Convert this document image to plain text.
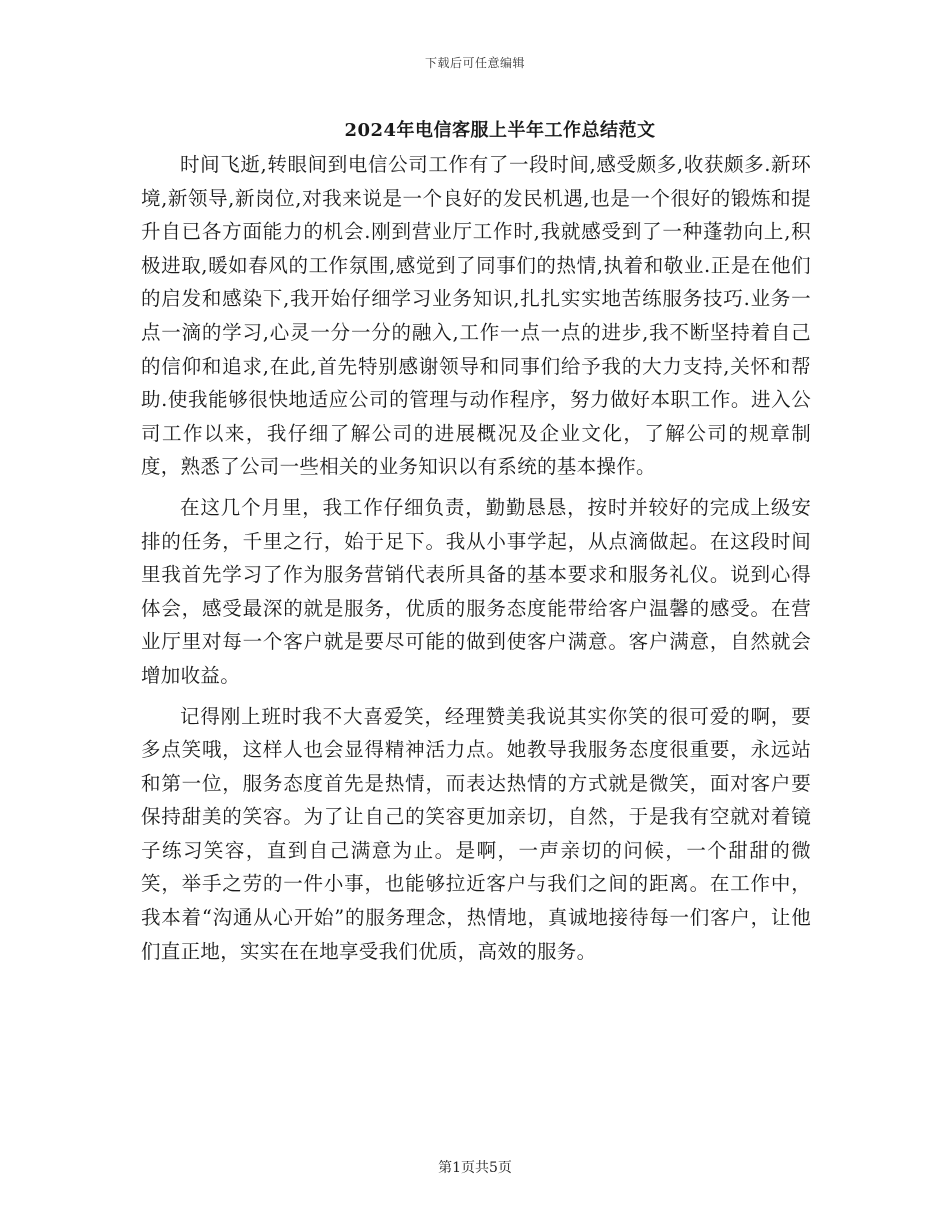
下载后可任意编辑
2024年电信客服上半年工作总结范文

时间飞逝,转眼间到电信公司工作有了一段时间,感受颇多,收获颇多.新环境,新领导,新岗位,对我来说是一个良好的发民机遇,也是一个很好的锻炼和提升自已各方面能力的机会.刚到营业厅工作时,我就感受到了一种蓬勃向上,积极进取,暖如春风的工作氛围,感觉到了同事们的热情,执着和敬业.正是在他们的启发和感染下,我开始仔细学习业务知识,扎扎实实地苦练服务技巧.业务一点一滴的学习,心灵一分一分的融入,工作一点一点的进步,我不断坚持着自己的信仰和追求,在此,首先特别感谢领导和同事们给予我的大力支持,关怀和帮助.使我能够很快地适应公司的管理与动作程序，努力做好本职工作。进入公司工作以来，我仔细了解公司的进展概况及企业文化，了解公司的规章制度，熟悉了公司一些相关的业务知识以有系统的基本操作。

在这几个月里，我工作仔细负责，勤勤恳恳，按时并较好的完成上级安排的任务，千里之行，始于足下。我从小事学起，从点滴做起。在这段时间里我首先学习了作为服务营销代表所具备的基本要求和服务礼仪。说到心得体会，感受最深的就是服务，优质的服务态度能带给客户温馨的感受。在营业厅里对每一个客户就是要尽可能的做到使客户满意。客户满意，自然就会增加收益。

记得刚上班时我不大喜爱笑，经理赞美我说其实你笑的很可爱的啊，要多点笑哦，这样人也会显得精神活力点。她教导我服务态度很重要，永远站和第一位，服务态度首先是热情，而表达热情的方式就是微笑，面对客户要保持甜美的笑容。为了让自己的笑容更加亲切，自然，于是我有空就对着镜子练习笑容，直到自己满意为止。是啊，一声亲切的问候，一个甜甜的微笑，举手之劳的一件小事，也能够拉近客户与我们之间的距离。在工作中，我本着“沟通从心开始”的服务理念，热情地，真诚地接待每一们客户，让他们直正地，实实在在地享受我们优质，高效的服务。

第1页共5页
